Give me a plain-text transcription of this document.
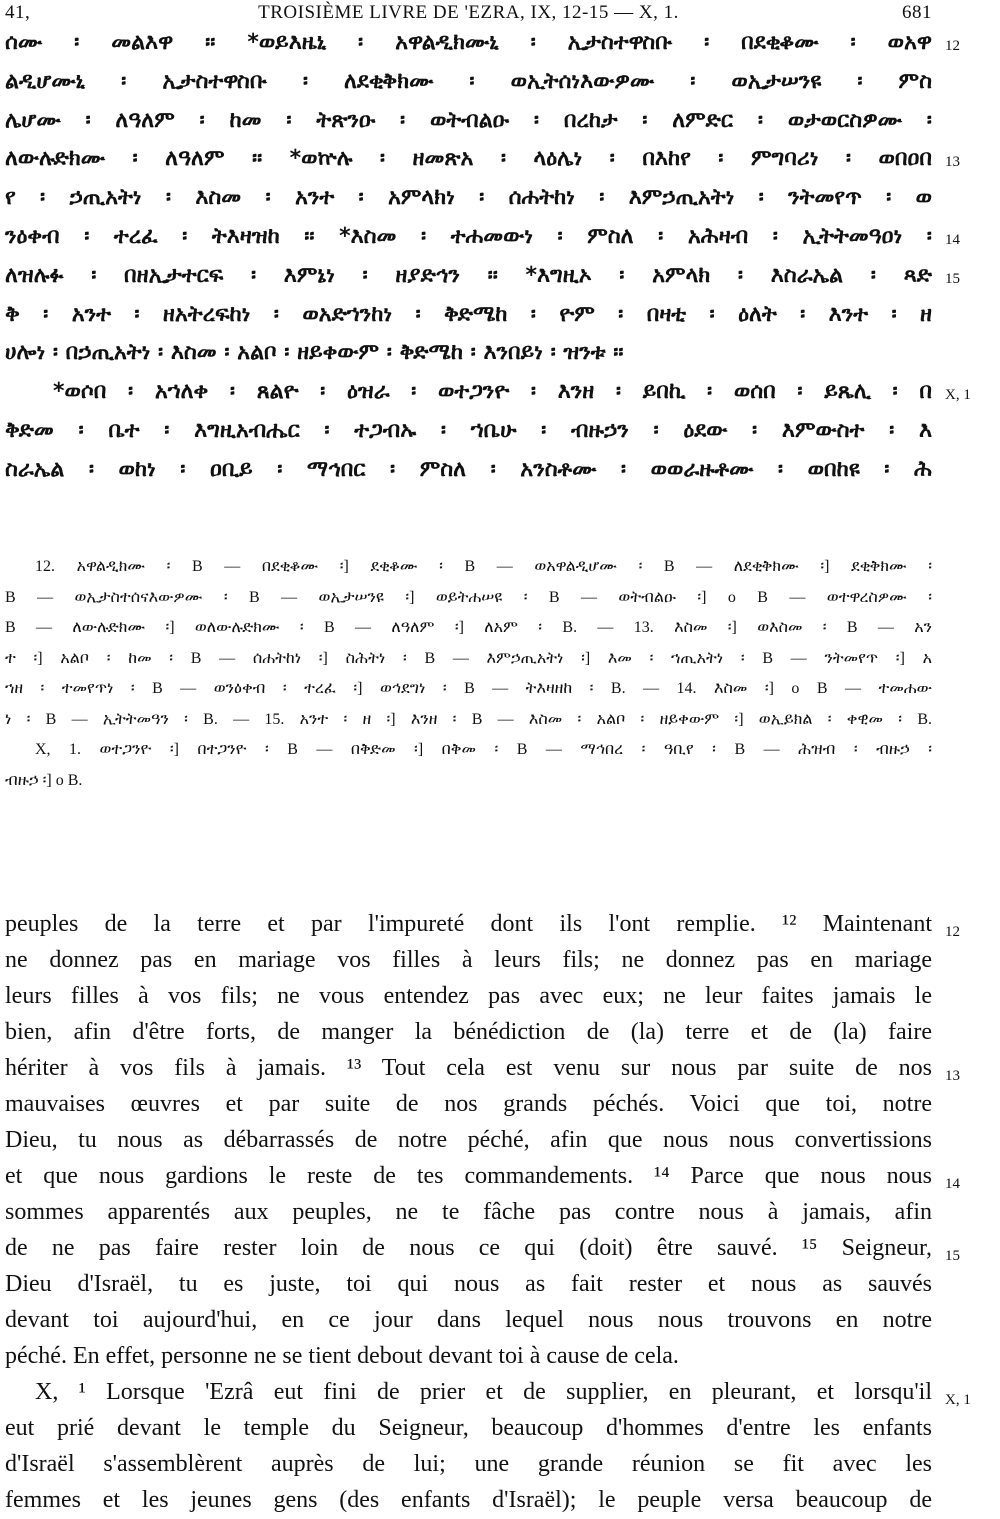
41,	TROISIÈME LIVRE DE 'EZRA, IX, 12-15 — X, 1.	681
ሰሙ ፡ መልእዋ ። *ወይእዜኒ ፡ አዋልዲክሙኒ ፡ ኢታስተዋስቡ ፡ በደቂቆሙ ፡ ወአዋ
ልዲሆሙኒ ፡ ኢታስተዋስቡ ፡ ለደቂቅክሙ ፡ ወኢትሰነእውዎሙ ፡ ወኢታሠንዩ ፡ ምስ
ሌሆሙ ፡ ለዓለም ፡ ከመ ፡ ትጽንዑ ፡ ወትብልዑ ፡ በረከታ ፡ ለምድር ፡ ወታወርስዎሙ ፡
ለውሉድክሙ ፡ ለዓለም ። *ወኵሉ ፡ ዘመጽአ ፡ ላዕሌነ ፡ በእከየ ፡ ምግባሪነ ፡ ወበዐበ
የ ፡ ኃጢአትነ ፡ እስመ ፡ አንተ ፡ አምላክነ ፡ ሰሐትከነ ፡ እምኃጢአትነ ፡ ንትመየጥ ፡ ወ
ንዕቀብ ፡ ተረፈ ፡ ትእዛዝከ ። *እስመ ፡ ተሐመውነ ፡ ምስለ ፡ አሕዛብ ፡ ኢትትመዓዐነ ፡
ለዝሉፉ ፡ በዘኢታተርፍ ፡ እምኔነ ፡ ዘያድኅን ። *እግዚኦ ፡ አምላክ ፡ እስራኤል ፡ ጻድ
ቅ ፡ አንተ ፡ ዘአትረፍከነ ፡ ወአድኀንከነ ፡ ቅድሜከ ፡ ዮም ፡ በዛቲ ፡ ዕለት ፡ እንተ ፡ ዘ
ሀሎነ ፡ በኃጢአትነ ፡ እስመ ፡ አልቦ ፡ ዘይቀውም ፡ ቅድሜከ ፡ እንበይነ ፡ ዝንቱ ።
*ወሶበ ፡ አኀለቀ ፡ ጸልዮ ፡ ዕዝራ ፡ ወተጋንዮ ፡ እንዘ ፡ ይበኪ ፡ ወሰበ ፡ ይጼሊ ፡ በ
ቅድመ ፡ ቤተ ፡ እግዚአብሔር ፡ ተጋብኡ ፡ ኀቤሁ ፡ ብዙኃን ፡ ዕደው ፡ እምውስተ ፡ እ
ስራኤል ፡ ወከነ ፡ ዐቢይ ፡ ማኅበር ፡ ምስለ ፡ አንስቶሙ ፡ ወወራዙቶሙ ፡ ወበከዩ ፡ ሕ
12. አዋልዲክሙ ፡ B — በደቂቆሙ ፡] ደቂቆሙ ፡ B — ወአዋልዲሆሙ ፡ B — ለደቂቅክሙ ፡] ደቂቅክሙ ፡
B — ወኢታስተሰናእውዎሙ ፡ B — ወኢታሠንዩ ፡] ወይትሐሠዩ ፡ B — ወትብልዑ ፡] o B — ወተዋረስዎሙ ፡
B — ለውሉድክሙ ፡] ወለውሉድክሙ ፡ B — ለዓለም ፡] ለአም ፡ B. — 13. እስመ ፡] ወእስመ ፡ B — አን
ተ ፡] አልቦ ፡ ከመ ፡ B — ሰሐትከነ ፡] ስሕትነ ፡ B — እምኃጢአትነ ፡] እመ ፡ ኀጢአትነ ፡ B — ንትመየጥ ፡] አ
ኀዘ ፡ ተመየጥነ ፡ B — ወንዕቀብ ፡ ተረፈ ፡] ወኅደግነ ፡ B — ትእዛዘከ ፡ B. — 14. እስመ ፡] o B — ተመሐው
ነ ፡ B — ኢትትመዓን ፡ B. — 15. አንተ ፡ ዘ ፡] እንዘ ፡ B — እስመ ፡ አልቦ ፡ ዘይቀውም ፡] ወኢይክል ፡ ቀዊመ ፡ B.
X, 1. ወተጋንዮ ፡] በተጋንዮ ፡ B — በቅድመ ፡] በቅመ ፡ B — ማኅበረ ፡ ዓቢየ ፡ B — ሕዝብ ፡ ብዙኃ ፡
ብዙኃ ፡] o B.
peuples de la terre et par l'impureté dont ils l'ont remplie. ¹² Maintenant
ne donnez pas en mariage vos filles à leurs fils; ne donnez pas en mariage
leurs filles à vos fils; ne vous entendez pas avec eux; ne leur faites jamais le
bien, afin d'être forts, de manger la bénédiction de (la) terre et de (la) faire
hériter à vos fils à jamais. ¹³ Tout cela est venu sur nous par suite de nos
mauvaises œuvres et par suite de nos grands péchés. Voici que toi, notre
Dieu, tu nous as débarrassés de notre péché, afin que nous nous convertissions
et que nous gardions le reste de tes commandements. ¹⁴ Parce que nous nous
sommes apparentés aux peuples, ne te fâche pas contre nous à jamais, afin
de ne pas faire rester loin de nous ce qui (doit) être sauvé. ¹⁵ Seigneur,
Dieu d'Israël, tu es juste, toi qui nous as fait rester et nous as sauvés
devant toi aujourd'hui, en ce jour dans lequel nous nous trouvons en notre
péché. En effet, personne ne se tient debout devant toi à cause de cela.
X, ¹ Lorsque 'Ezrâ eut fini de prier et de supplier, en pleurant, et lorsqu'il
eut prié devant le temple du Seigneur, beaucoup d'hommes d'entre les enfants
d'Israël s'assemblèrent auprès de lui; une grande réunion se fit avec les
femmes et les jeunes gens (des enfants d'Israël); le peuple versa beaucoup de
12
13
14
15
X, 1
12
13
14
15
X, 1
